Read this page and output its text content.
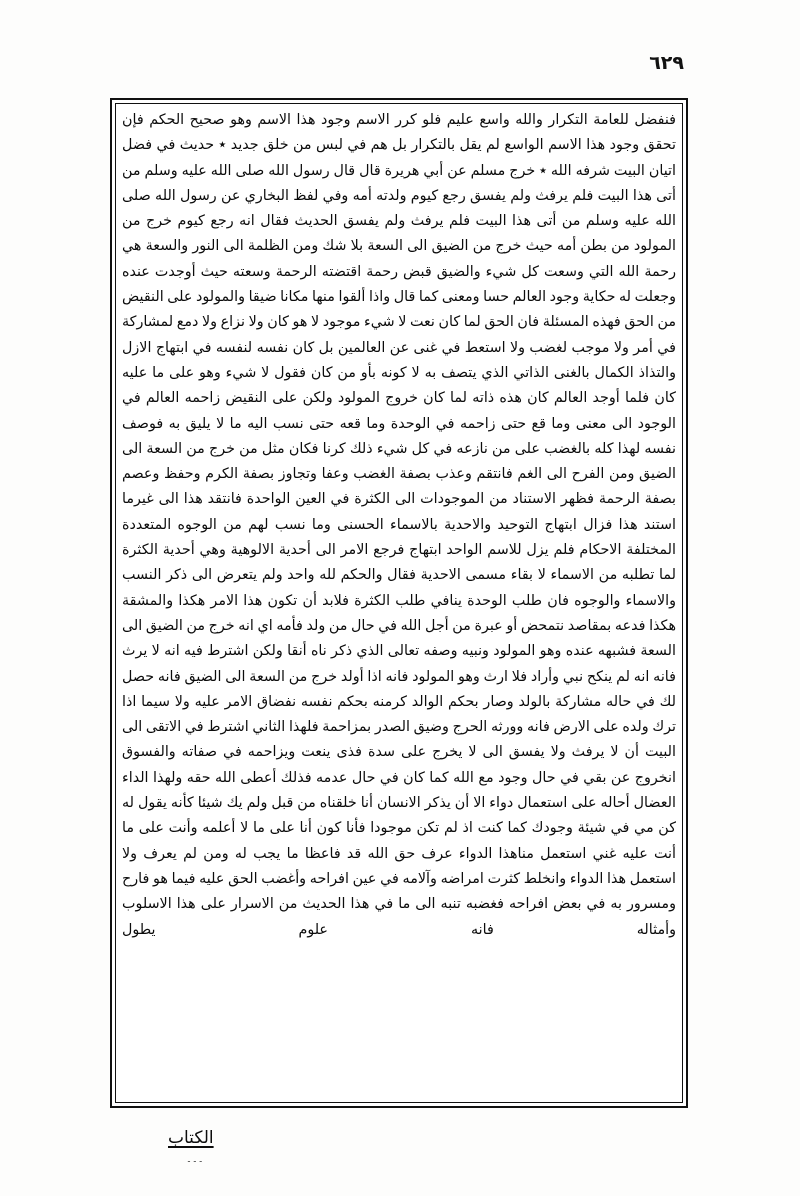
٩٢٦

فنفضل للعامة التكرار والله واسع عليم فلو كرر الاسم وجود هذا الاسم وهو صحيح الحكم فإن تحقق وجود هذا الاسم الواسع لم يقل بالتكرار بل هم في لبس من خلق جديد ٭ حديث في فضل اتيان البيت شرفه الله ٭ خرج مسلم عن أبي هريرة قال قال رسول الله صلى الله عليه وسلم من أتى هذا البيت فلم يرفث ولم يفسق رجع كيوم ولدته أمه وفي لفظ البخاري عن رسول الله صلى الله عليه وسلم من أتى هذا البيت فلم يرفث ولم يفسق الحديث فقال انه رجع كيوم خرج من المولود من بطن أمه حيث خرج من الضيق الى السعة بلا شك ومن الظلمة الى النور والسعة هي رحمة الله التي وسعت كل شيء والضيق قبض رحمة اقتضته الرحمة وسعته حيث أوجدت عنده وجعلت له حكاية وجود العالم حسا ومعنى كما قال واذا ألقوا منها مكانا ضيقا والمولود على النقيض من الحق فهذه المسئلة فان الحق لما كان نعت لا شيء موجود لا هو كان ولا نزاع ولا دمع لمشاركة في أمر ولا موجب لغضب ولا استعط في غنى عن العالمين بل كان نفسه لنفسه في ابتهاج الازل والتذاذ الكمال بالغنى الذاتي الذي يتصف به لا كونه بأو من كان فقول لا شيء وهو على ما عليه كان فلما أوجد العالم كان هذه ذاته لما كان خروج المولود ولكن على النقيض زاحمه العالم في الوجود الى معنى وما قع حتى زاحمه في الوحدة وما قعه حتى نسب اليه ما لا يليق به فوصف نفسه لهذا كله بالغضب على من نازعه في كل شيء ذلك كرنا فكان مثل من خرج من السعة الى الضيق ومن الفرح الى الغم فانتقم وعذب بصفة الغضب وعفا وتجاوز بصفة الكرم وحفظ وعصم بصفة الرحمة فظهر الاستناد من الموجودات الى الكثرة في العين الواحدة فانتقد هذا الى غيرما استند هذا فزال ابتهاج التوحيد والاحدية بالاسماء الحسنى وما نسب لهم من الوجوه المتعددة المختلفة الاحكام فلم يزل للاسم الواحد ابتهاج فرجع الامر الى أحدية الالوهية وهي أحدية الكثرة لما تطلبه من الاسماء لا بقاء مسمى الاحدية فقال والحكم لله واحد ولم يتعرض الى ذكر النسب والاسماء والوجوه فان طلب الوحدة ينافي طلب الكثرة فلابد أن تكون هذا الامر هكذا والمشقة هكذا فدعه بمقاصد نتمحض أو عبرة من أجل الله في حال من ولد فأمه اي انه خرج من الضيق الى السعة فشبهه عنده وهو المولود ونبيه وصفه تعالى الذي ذكر ناه أنقا ولكن اشترط فيه انه لا يرث فانه انه لم ينكح نبي وأراد فلا ارث وهو المولود فانه اذا أولد خرج من السعة الى الضيق فانه حصل لك في حاله مشاركة بالولد وصار بحكم الوالد كرمنه بحكم نفسه نفضاق الامر عليه ولا سيما اذا ترك ولده على الارض فانه وورثه الحرج وضيق الصدر بمزاحمة فلهذا الثاني اشترط في الاتقى الى البيت أن لا يرفث ولا يفسق الى لا يخرج على سدة فذى ينعت ويزاحمه في صفاته والفسوق انخروج عن بقي في حال وجود مع الله كما كان في حال عدمه فذلك أعطى الله حقه ولهذا الداء العضال أحاله على استعمال دواء الا أن يذكر الانسان أنا خلقناه من قبل ولم يك شيئا كأنه يقول له كن مي في شيئة وجودك كما كنت اذ لم تكن موجودا فأنا كون أنا على ما لا أعلمه وأنت على ما أنت عليه غني استعمل مناهذا الدواء عرف حق الله قد فاعظا ما يجب له ومن لم يعرف ولا استعمل هذا الدواء وانخلط كثرت امراضه وآلامه في عين افراحه وأغضب الحق عليه فيما هو فارح ومسرور به في بعض افراحه فغضبه تنبه الى ما في هذا الحديث من الاسرار على هذا الاسلوب وأمثاله فانه علوم يطول

الكتاب
۔۔۔
